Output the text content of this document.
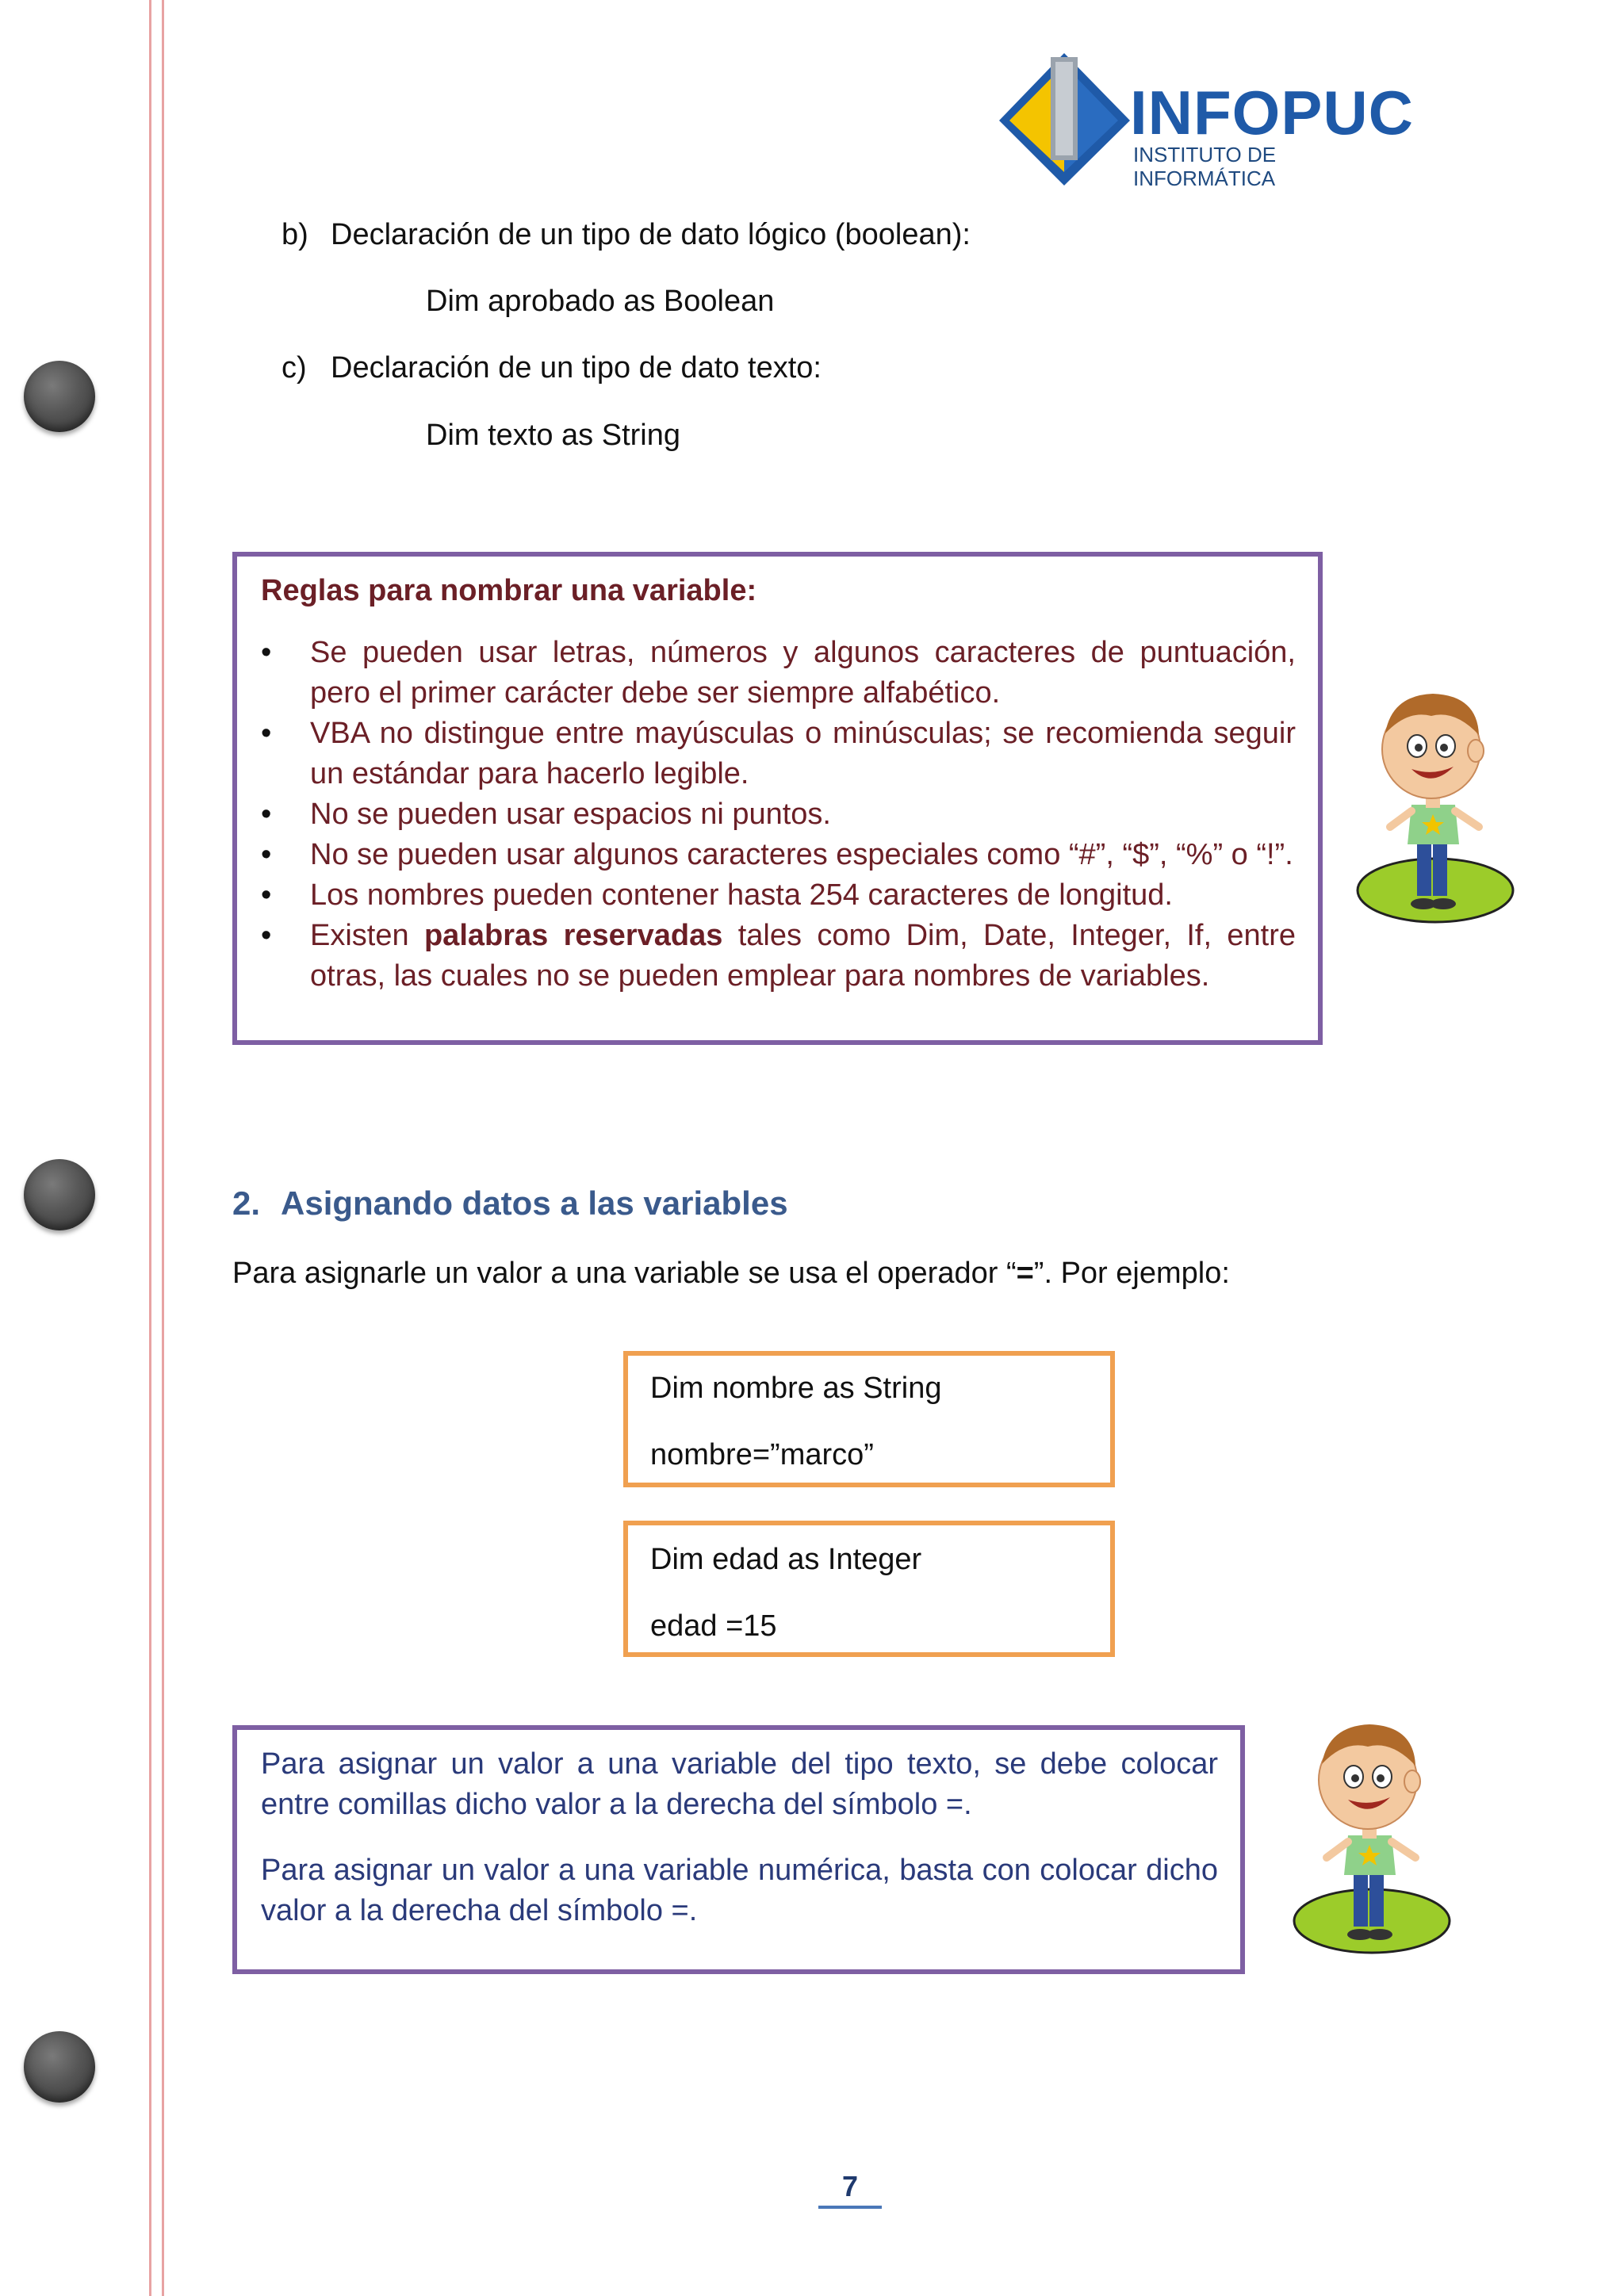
INFOPUC
INSTITUTO DE INFORMÁTICA
b) Declaración de un tipo de dato lógico (boolean):
Dim aprobado as Boolean
c) Declaración de un tipo de dato texto:
Dim texto as String
Reglas para nombrar una variable:
• Se pueden usar letras, números y algunos caracteres de puntuación, pero el primer carácter debe ser siempre alfabético.
• VBA no distingue entre mayúsculas o minúsculas; se recomienda seguir un estándar para hacerlo legible.
• No se pueden usar espacios ni puntos.
• No se pueden usar algunos caracteres especiales como “#”, “$”, “%” o “!”.
• Los nombres pueden contener hasta 254 caracteres de longitud.
• Existen palabras reservadas tales como Dim, Date, Integer, If, entre otras, las cuales no se pueden emplear para nombres de variables.
2. Asignando datos a las variables
Para asignarle un valor a una variable se usa el operador “=”. Por ejemplo:
Dim nombre as String
nombre=”marco”
Dim edad as Integer
edad =15

Para asignar un valor a una variable del tipo texto, se debe colocar entre comillas dicho valor a la derecha del símbolo =.

Para asignar un valor a una variable numérica, basta con colocar dicho valor a la derecha del símbolo =.

7
